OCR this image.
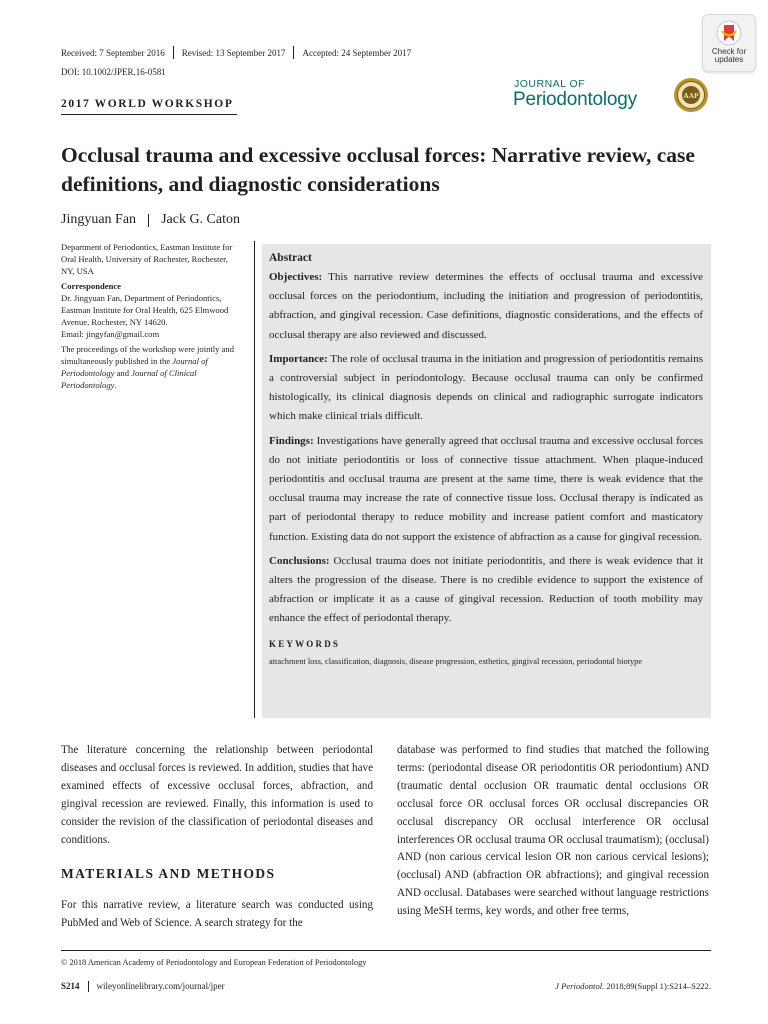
Received: 7 September 2016	Revised: 13 September 2017	Accepted: 24 September 2017
DOI: 10.1002/JPER.16-0581
Check for
updates
2017 WORLD WORKSHOP
JOURNAL OF
Periodontology	AAP
Occlusal trauma and excessive occlusal forces: Narrative review, case definitions, and diagnostic considerations
Jingyuan Fan Jack G. Caton

Department of Periodontics, Eastman Institute for Oral Health, University of Rochester, Rochester, NY, USA

Correspondence

Dr. Jingyuan Fan, Department of Periodontics, Eastman Institute for Oral Health, 625 Elmwood Avenue, Rochester, NY 14620.
Email: jingyfan@gmail.com

The proceedings of the workshop were jointly and simultaneously published in the Journal of Periodontology and Journal of Clinical Periodontology.

Abstract

Objectives: This narrative review determines the effects of occlusal trauma and excessive occlusal forces on the periodontium, including the initiation and progression of periodontitis, abfraction, and gingival recession. Case definitions, diagnostic considerations, and the effects of occlusal therapy are also reviewed and discussed.

Importance: The role of occlusal trauma in the initiation and progression of periodontitis remains a controversial subject in periodontology. Because occlusal trauma can only be confirmed histologically, its clinical diagnosis depends on clinical and radiographic surrogate indicators which make clinical trials difficult.

Findings: Investigations have generally agreed that occlusal trauma and excessive occlusal forces do not initiate periodontitis or loss of connective tissue attachment. When plaque-induced periodontitis and occlusal trauma are present at the same time, there is weak evidence that the occlusal trauma may increase the rate of connective tissue loss. Occlusal therapy is indicated as part of periodontal therapy to reduce mobility and increase patient comfort and masticatory function. Existing data do not support the existence of abfraction as a cause for gingival recession.

Conclusions: Occlusal trauma does not initiate periodontitis, and there is weak evidence that it alters the progression of the disease. There is no credible evidence to support the existence of abfraction or implicate it as a cause of gingival recession. Reduction of tooth mobility may enhance the effect of periodontal therapy.

KEYWORDS
attachment loss, classification, diagnosis, disease progression, esthetics, gingival recession, periodontal biotype

The literature concerning the relationship between periodontal diseases and occlusal forces is reviewed. In addition, studies that have examined effects of excessive occlusal forces, abfraction, and gingival recession are reviewed. Finally, this information is used to consider the revision of the classification of periodontal diseases and conditions.

MATERIALS AND METHODS

For this narrative review, a literature search was conducted using PubMed and Web of Science. A search strategy for the

database was performed to find studies that matched the following terms: (periodontal disease OR periodontitis OR periodontium) AND (traumatic dental occlusion OR traumatic dental occlusions OR occlusal force OR occlusal forces OR occlusal discrepancies OR occlusal discrepancy OR occlusal interference OR occlusal interferences OR occlusal trauma OR occlusal traumatism); (occlusal) AND (non carious cervical lesion OR non carious cervical lesions); (occlusal) AND (abfraction OR abfractions); and gingival recession AND occlusal. Databases were searched without language restrictions using MeSH terms, key words, and other free terms,

© 2018 American Academy of Periodontology and European Federation of Periodontology
S214 wileyonlinelibrary.com/journal/jper	J Periodontol. 2018;89(Suppl 1):S214–S222.
